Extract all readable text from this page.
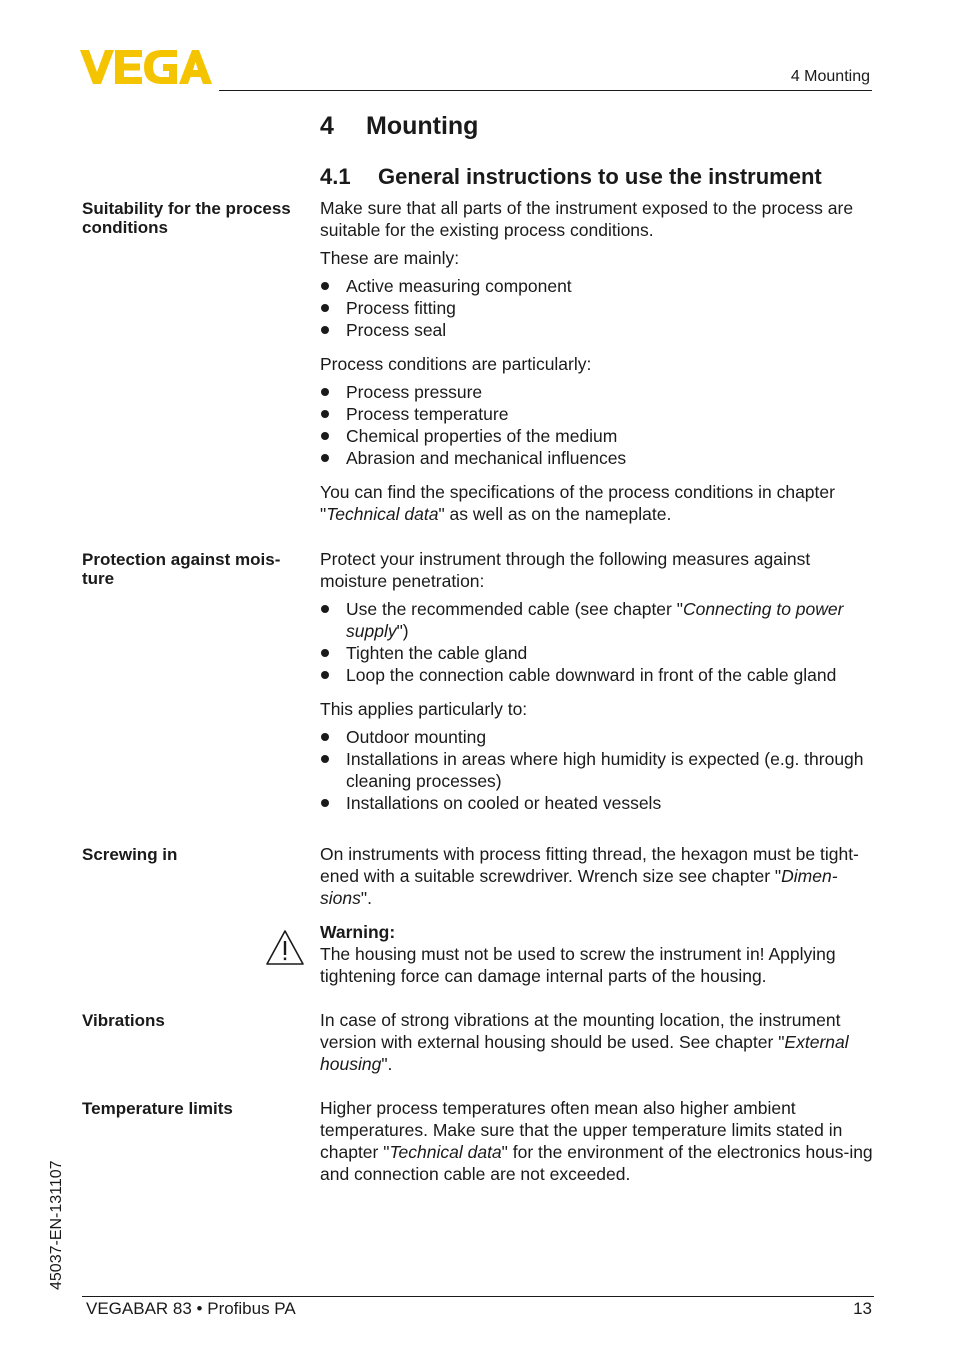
4 Mounting
4 Mounting
4.1 General instructions to use the instrument
Suitability for the process
conditions

Make sure that all parts of the instrument exposed to the process are suitable for the existing process conditions.

These are mainly:

Active measuring component
Process fitting
Process seal

Process conditions are particularly:

Process pressure
Process temperature
Chemical properties of the medium
Abrasion and mechanical influences

You can find the specifications of the process conditions in chapter "Technical data" as well as on the nameplate.

Protection against mois-
ture

Protect your instrument through the following measures against moisture penetration:

Use the recommended cable (see chapter "Connecting to power supply")
Tighten the cable gland
Loop the connection cable downward in front of the cable gland

This applies particularly to:

Outdoor mounting
Installations in areas where high humidity is expected (e.g. through cleaning processes)
Installations on cooled or heated vessels
Screwing in	On instruments with process fitting thread, the hexagon must be tight-ened with a suitable screwdriver. Wrench size see chapter "Dimen-sions".

Warning:

The housing must not be used to screw the instrument in! Applying tightening force can damage internal parts of the housing.

Vibrations	In case of strong vibrations at the mounting location, the instrument version with external housing should be used. See chapter "External housing".

Temperature limits	Higher process temperatures often mean also higher ambient temperatures. Make sure that the upper temperature limits stated in chapter "Technical data" for the environment of the electronics hous-ing and connection cable are not exceeded.

45037-EN-131107
VEGABAR 83 • Profibus PA	13
